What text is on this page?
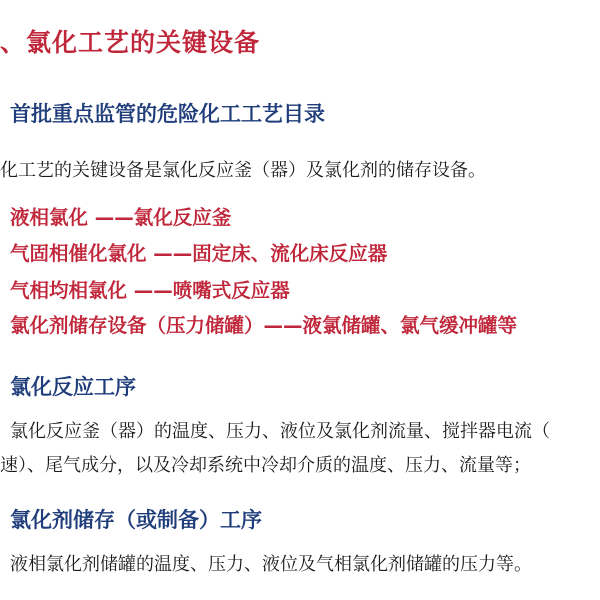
、氯化工艺的关键设备
首批重点监管的危险化工工艺目录
化工艺的关键设备是氯化反应釜（器）及氯化剂的储存设备。
液相氯化 ——氯化反应釜
气固相催化氯化 ——固定床、流化床反应器
气相均相氯化 ——喷嘴式反应器
氯化剂储存设备（压力储罐）——液氯储罐、氯气缓冲罐等
氯化反应工序
氯化反应釜（器）的温度、压力、液位及氯化剂流量、搅拌器电流（
速）、尾气成分，以及冷却系统中冷却介质的温度、压力、流量等；
氯化剂储存（或制备）工序
液相氯化剂储罐的温度、压力、液位及气相氯化剂储罐的压力等。
